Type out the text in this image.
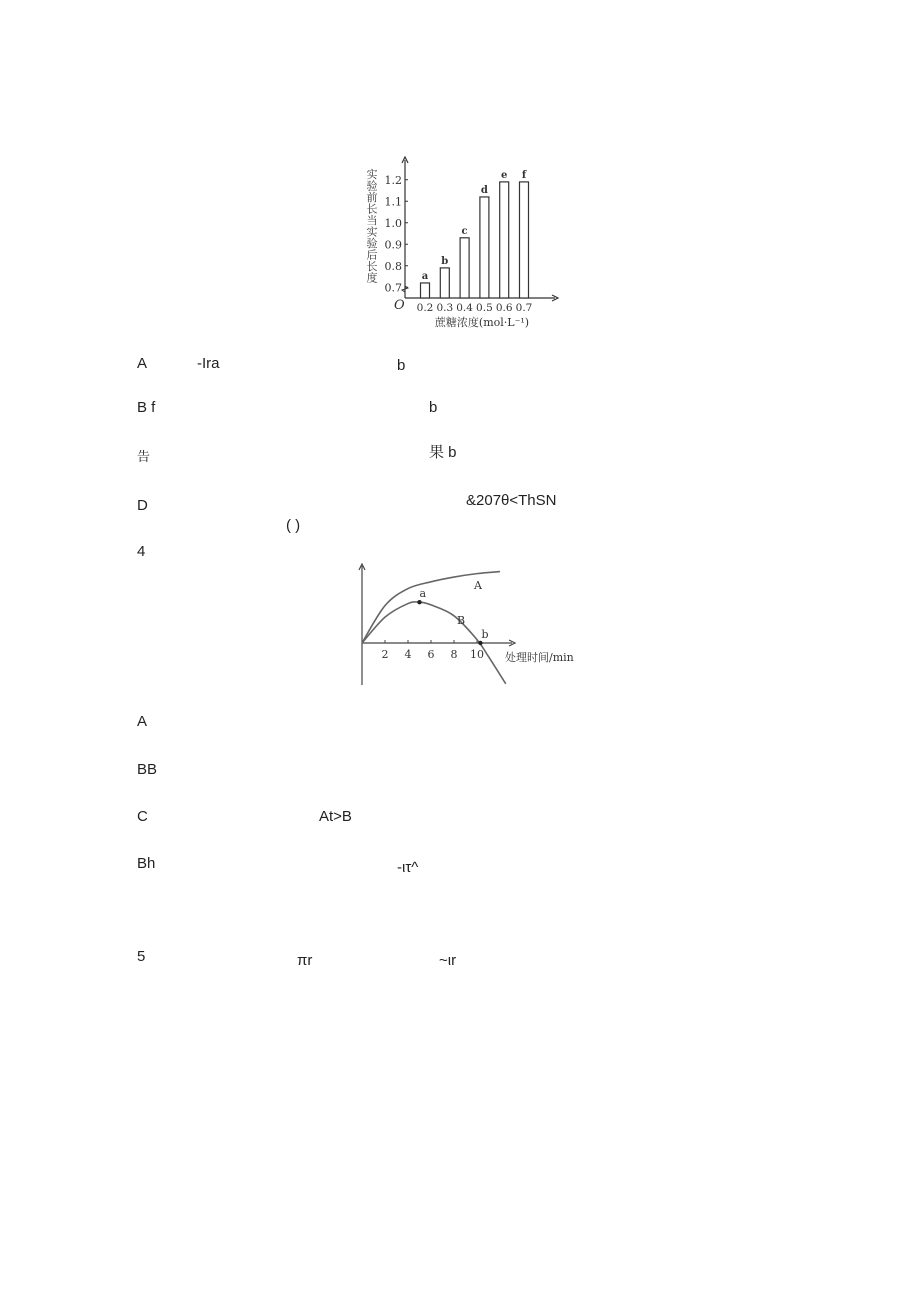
0.7
0.8
0.9
1.0
1.1
1.2
O
实
验
前
长
当
实
验
后
长
度	a
0.2
b
0.3
c
0.4
d
0.5
e
0.6
f
0.7
蔗糖浓度(mol·L⁻¹)
A	-Ira	b
B f	b
告	果 b
D	&207θ<ThSN
( )
4
2 4 6 8 10 处理时间/min
A
B
a
b
A
BB
C	At>B
Bh	-ιτ^
5	πr	~ιr
